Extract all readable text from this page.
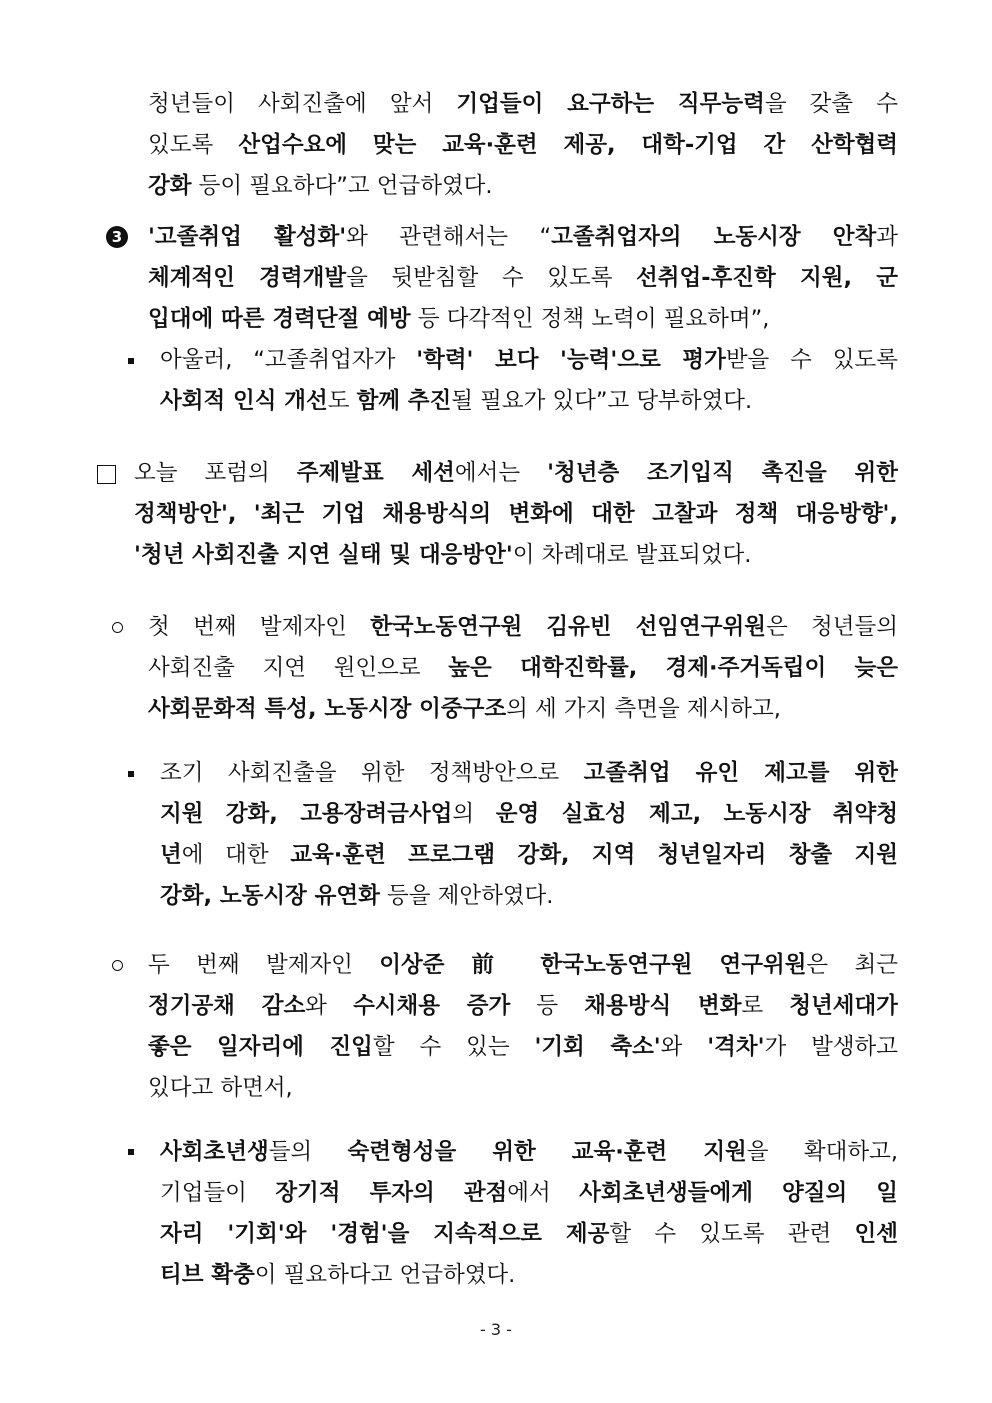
청년들이 사회진출에 앞서 기업들이 요구하는 직무능력을 갖출 수
있도록 산업수요에 맞는 교육·훈련 제공, 대학-기업 간 산학협력
강화 등이 필요하다”고 언급하였다.
3 '고졸취업 활성화'와 관련해서는 “고졸취업자의 노동시장 안착과
체계적인 경력개발을 뒷받침할 수 있도록 선취업-후진학 지원, 군
입대에 따른 경력단절 예방 등 다각적인 정책 노력이 필요하며”,
아울러, “고졸취업자가 '학력' 보다 '능력'으로 평가받을 수 있도록
사회적 인식 개선도 함께 추진될 필요가 있다”고 당부하였다.
오늘 포럼의 주제발표 세션에서는 '청년층 조기입직 촉진을 위한
정책방안', '최근 기업 채용방식의 변화에 대한 고찰과 정책 대응방향',
'청년 사회진출 지연 실태 및 대응방안'이 차례대로 발표되었다.
첫 번째 발제자인 한국노동연구원 김유빈 선임연구위원은 청년들의
사회진출 지연 원인으로 높은 대학진학률, 경제·주거독립이 늦은
사회문화적 특성, 노동시장 이중구조의 세 가지 측면을 제시하고,
조기 사회진출을 위한 정책방안으로 고졸취업 유인 제고를 위한
지원 강화, 고용장려금사업의 운영 실효성 제고, 노동시장 취약청
년에 대한 교육·훈련 프로그램 강화, 지역 청년일자리 창출 지원
강화, 노동시장 유연화 등을 제안하였다.
두 번째 발제자인 이상준 前 한국노동연구원 연구위원은 최근
정기공채 감소와 수시채용 증가 등 채용방식 변화로 청년세대가
좋은 일자리에 진입할 수 있는 '기회 축소'와 '격차'가 발생하고
있다고 하면서,
사회초년생들의 숙련형성을 위한 교육·훈련 지원을 확대하고,
기업들이 장기적 투자의 관점에서 사회초년생들에게 양질의 일
자리 '기회'와 '경험'을 지속적으로 제공할 수 있도록 관련 인센
티브 확충이 필요하다고 언급하였다.
- 3 -
